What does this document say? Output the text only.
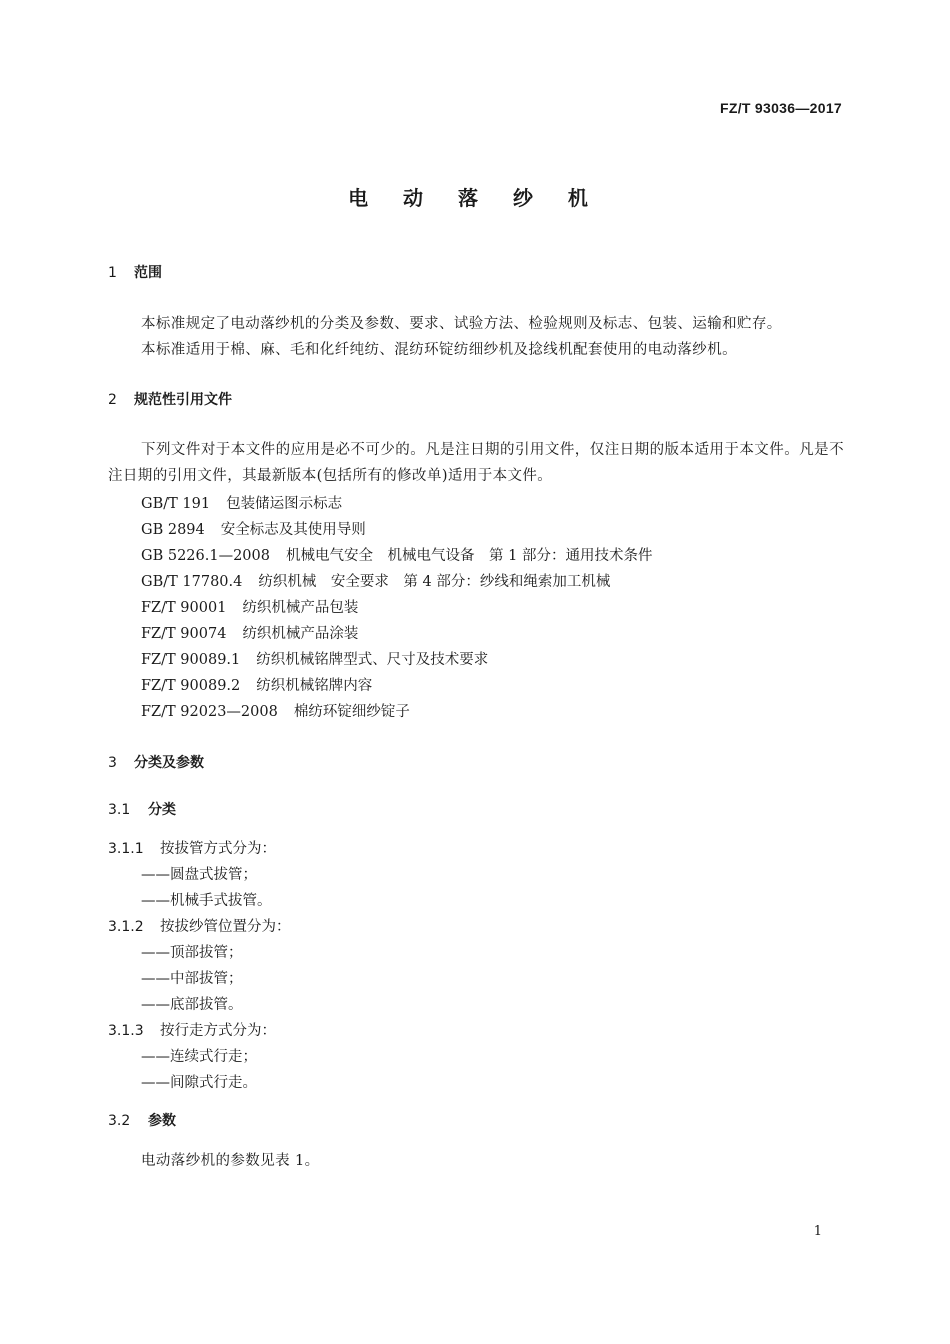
FZ/T 93036—2017
电 动 落 纱 机
1 范围
本标准规定了电动落纱机的分类及参数、要求、试验方法、检验规则及标志、包装、运输和贮存。
本标准适用于棉、麻、毛和化纤纯纺、混纺环锭纺细纱机及捻线机配套使用的电动落纱机。
2 规范性引用文件
下列文件对于本文件的应用是必不可少的。凡是注日期的引用文件，仅注日期的版本适用于本文件。凡是不注日期的引用文件，其最新版本(包括所有的修改单)适用于本文件。
GB/T 191 包装储运图示标志
GB 2894 安全标志及其使用导则
GB 5226.1—2008 机械电气安全　机械电气设备　第 1 部分：通用技术条件
GB/T 17780.4 纺织机械　安全要求　第 4 部分：纱线和绳索加工机械
FZ/T 90001 纺织机械产品包装
FZ/T 90074 纺织机械产品涂装
FZ/T 90089.1 纺织机械铭牌型式、尺寸及技术要求
FZ/T 90089.2 纺织机械铭牌内容
FZ/T 92023—2008 棉纺环锭细纱锭子
3 分类及参数
3.1 分类
3.1.1 按拔管方式分为：
——圆盘式拔管；
——机械手式拔管。
3.1.2 按拔纱管位置分为：
——顶部拔管；
——中部拔管；
——底部拔管。
3.1.3 按行走方式分为：
——连续式行走；
——间隙式行走。
3.2 参数
电动落纱机的参数见表 1。
1
